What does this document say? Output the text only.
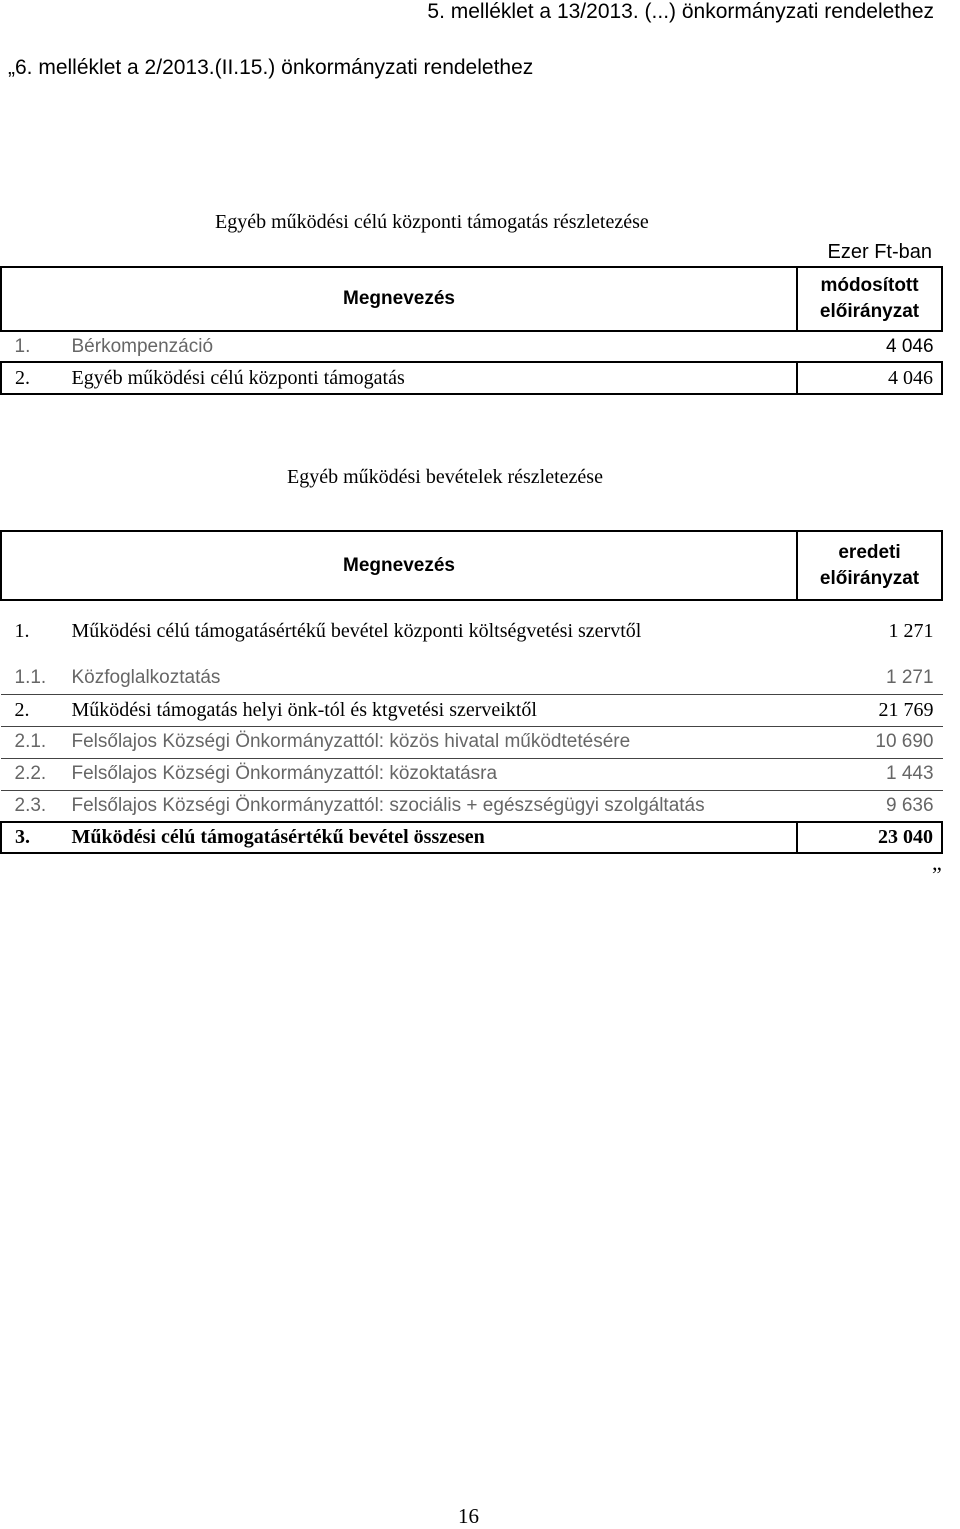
5. melléklet a 13/2013. (...) önkormányzati rendelethez
„6. melléklet a 2/2013.(II.15.) önkormányzati rendelethez
Egyéb működési célú központi támogatás részletezése
Ezer Ft-ban
Megnevezés		módosított előirányzat
1.	Bérkompenzáció	4 046
2.	Egyéb működési célú központi támogatás	4 046
Egyéb működési bevételek részletezése
Megnevezés		eredeti előirányzat
1.	Működési célú támogatásértékű bevétel központi költségvetési szervtől	1 271
1.1.	Közfoglalkoztatás	1 271
2.	Működési támogatás helyi önk-tól és ktgvetési szerveiktől	21 769
2.1.	Felsőlajos Községi Önkormányzattól: közös hivatal működtetésére	10 690
2.2.	Felsőlajos Községi Önkormányzattól: közoktatásra	1 443
2.3.	Felsőlajos Községi Önkormányzattól: szociális + egészségügyi szolgáltatás	9 636
3.	Működési célú támogatásértékű bevétel összesen	23 040
”
16
